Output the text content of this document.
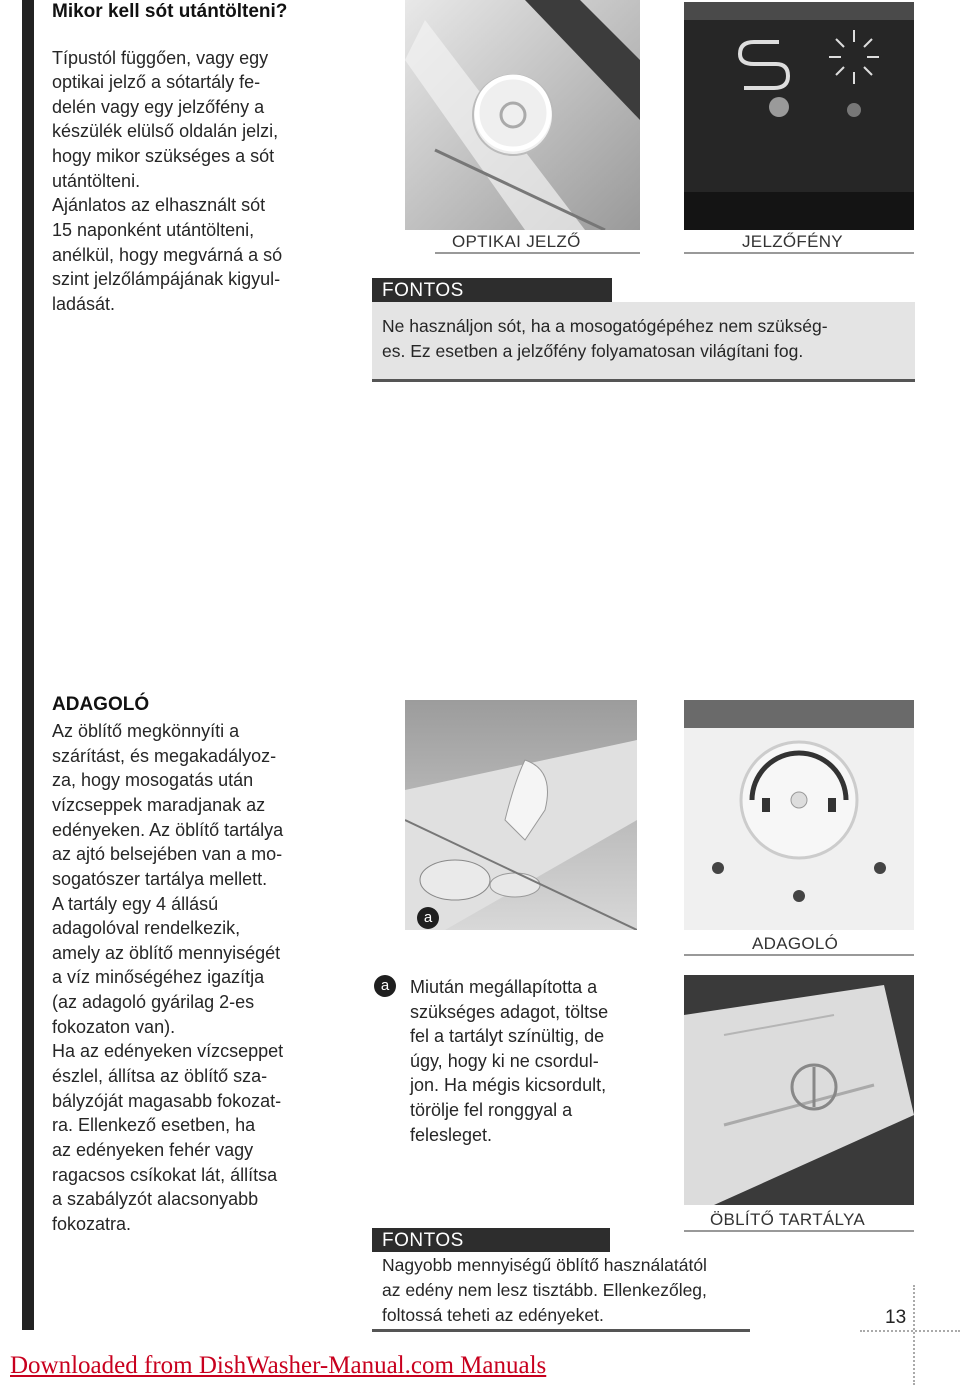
Mikor kell sót utántölteni?
Típustól függően, vagy egy
optikai jelző a sótartály fe-
delén vagy egy jelzőfény a
készülék elülső oldalán jelzi,
hogy mikor szükséges a sót
utántölteni.
Ajánlatos az elhasznált sót
15 naponként utántölteni,
anélkül, hogy megvárná a só
szint jelzőlámpájának kigyul-
ladását.
OPTIKAI JELZŐ	JELZŐFÉNY
FONTOS
Ne használjon sót, ha a mosogatógépéhez nem szükség-
es. Ez esetben a jelzőfény folyamatosan világítani fog.
ADAGOLÓ
Az öblítő megkönnyíti a
szárítást, és megakadályoz-
za, hogy mosogatás után
vízcseppek maradjanak az
edényeken. Az öblítő tartálya
az ajtó belsejében van a mo-
sogatószer tartálya mellett.
A tartály egy 4 állású
adagolóval rendelkezik,
amely az öblítő mennyiségét
a víz minőségéhez igazítja
(az adagoló gyárilag 2-es
fokozaton van).
Ha az edényeken vízcseppet
észlel, állítsa az öblítő sza-
bályzóját magasabb fokozat-
ra. Ellenkező esetben, ha
az edényeken fehér vagy
ragacsos csíkokat lát, állítsa
a szabályzót alacsonyabb
fokozatra.
a
ADAGOLÓ
ÖBLÍTŐ TARTÁLYA
a	Miután megállapította a
szükséges adagot, töltse
fel a tartályt színültig, de
úgy, hogy ki ne csordul-
jon. Ha mégis kicsordult,
törölje fel ronggyal a
felesleget.
FONTOS
Nagyobb mennyiségű öblítő használatától
az edény nem lesz tisztább. Ellenkezőleg,
foltossá teheti az edényeket.	13
Downloaded from DishWasher-Manual.com Manuals
